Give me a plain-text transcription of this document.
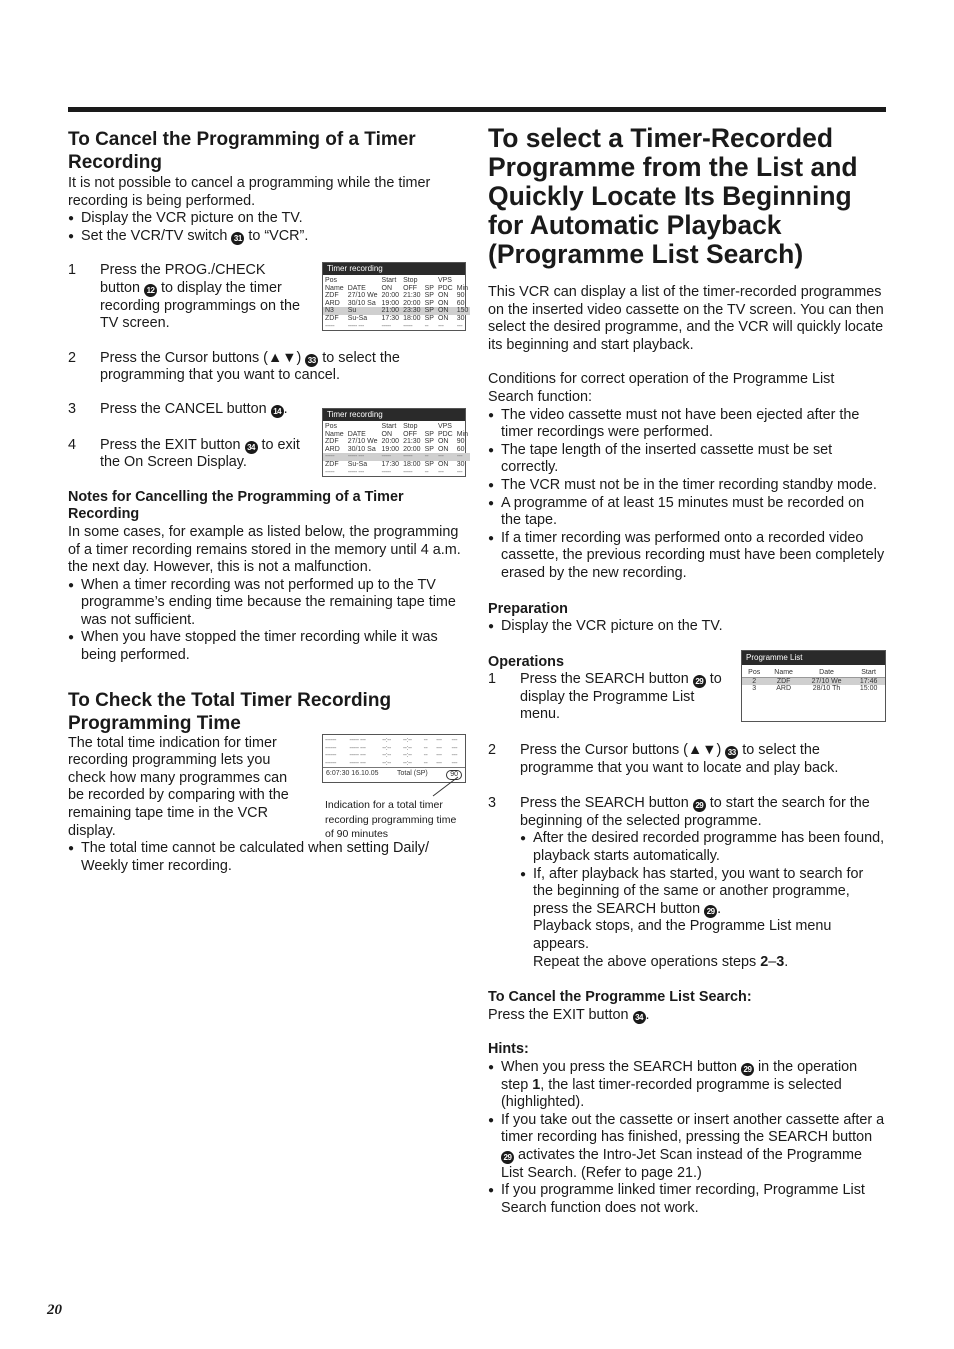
To Cancel the Programming of a Timer Recording

It is not possible to cancel a programming while the timer recording is being performed.

● Display the VCR picture on the TV.
● Set the VCR/TV switch 31 to “VCR”.
1 Press the PROG./CHECK button 12 to display the timer recording programmings on the TV screen.
2 Press the Cursor buttons (▲▼) 33 to select the programming that you want to cancel.
3 Press the CANCEL button 14 .
4 Press the EXIT button 34 to exit the On Screen Display.
Notes for Cancelling the Programming of a Timer Recording

In some cases, for example as listed below, the programming of a timer recording remains stored in the memory until 4 a.m. the next day. However, this is not a malfunction.

● When a timer recording was not performed up to the TV programme’s ending time because the remaining tape time was not sufficient.
● When you have stopped the timer recording while it was being performed.
To Check the Total Timer Recording Programming Time

The total time indication for timer recording programming lets you check how many programmes can be recorded by comparing with the remaining tape time in the VCR display.

● The total time cannot be calculated when setting Daily/ Weekly timer recording.
Timer recording
Pos		Start	Stop		VPS	
Name	DATE	ON	OFF	SP	PDC	Min
ZDF	27/10 We	20:00	21:30	SP	ON	90
ARD	30/10 Sa	19:00	20:00	SP	ON	60
N3	Su	21:00	23:30	SP	ON	150
ZDF	Su-Sa	17:30	18:00	SP	ON	30
-----	----- ---	-----	-----	--	---	---
Timer recording
Pos		Start	Stop		VPS	
Name	DATE	ON	OFF	SP	PDC	Min
ZDF	27/10 We	20:00	21:30	SP	ON	90
ARD	30/10 Sa	19:00	20:00	SP	ON	60
-----	----- ---	-----	-----	--	---	---
ZDF	Su-Sa	17:30	18:00	SP	ON	30
-----	----- ---	-----	-----	--	---	---
------	----- ---	--:--	--:--	--	---	---
------	----- ---	--:--	--:--	--	---	---
------	----- ---	--:--	--:--	--	---	---
------	----- ---	--:--	--:--	--	---	---
6:07:30 16.10.05	Total (SP)	90
Indication for a total timer recording programming time of 90 minutes
To select a Timer-Recorded Programme from the List and Quickly Locate Its Beginning for Automatic Playback (Programme List Search)

This VCR can display a list of the timer-recorded programmes on the inserted video cassette on the TV screen. You can then select the desired programme, and the VCR will quickly locate its beginning and start playback.

Conditions for correct operation of the Programme List Search function:

● The video cassette must not have been ejected after the timer recordings were performed.
● The tape length of the inserted cassette must be set correctly.
● The VCR must not be in the timer recording standby mode.
● A programme of at least 15 minutes must be recorded on the tape.
● If a timer recording was performed onto a recorded video cassette, the previous recording must have been completely erased by the new recording.
Preparation
● Display the VCR picture on the TV.
Operations
1 Press the SEARCH button 29 to display the Programme List menu.
2 Press the Cursor buttons (▲▼) 33 to select the programme that you want to locate and play back.
3 Press the SEARCH button 29 to start the search for the beginning of the selected programme.
● After the desired recorded programme has been found, playback starts automatically.
● If, after playback has started, you want to search for the beginning of the same or another programme, press the SEARCH button 29 .
Playback stops, and the Programme List menu appears.
Repeat the above operations steps 2–3.
To Cancel the Programme List Search:

Press the EXIT button 34 .

Hints:
● When you press the SEARCH button 29 in the operation step 1, the last timer-recorded programme is selected (highlighted).
● If you take out the cassette or insert another cassette after a timer recording has finished, pressing the SEARCH button 29 activates the Intro-Jet Scan instead of the Programme List Search. (Refer to page 21.)
● If you programme linked timer recording, Programme List Search function does not work.
Programme List
Pos	Name	Date	Start
2	ZDF	27/10 We	17:46
3	ARD	28/10 Th	15:00
20
